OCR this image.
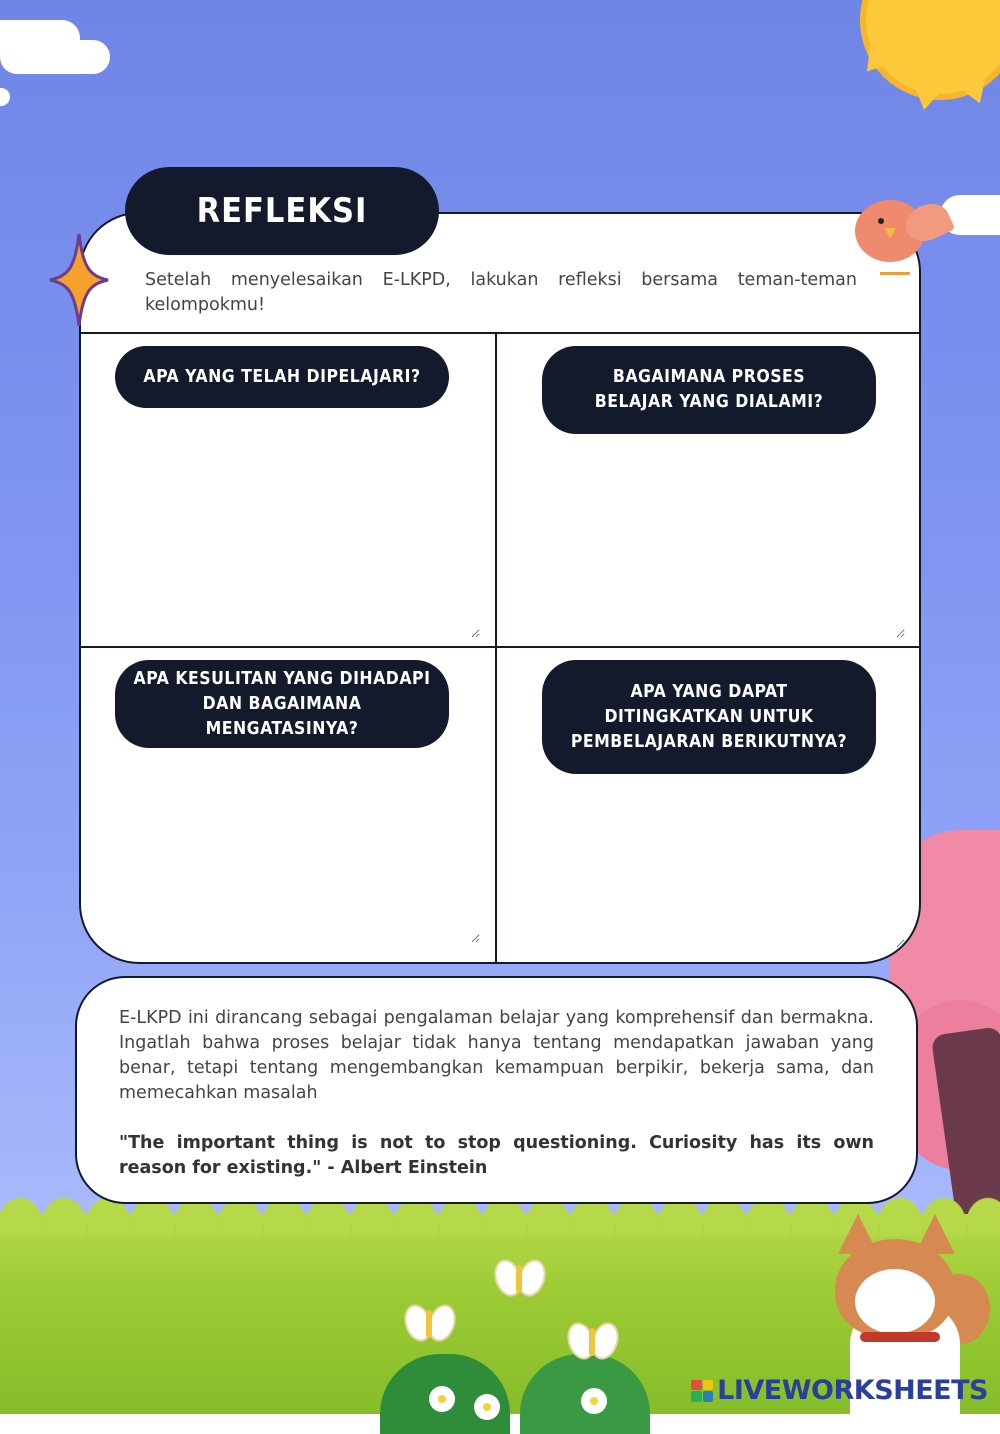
Setelah menyelesaikan E-LKPD, lakukan refleksi bersama teman-teman kelompokmu!

APA YANG TELAH DIPELAJARI?	BAGAIMANA PROSES BELAJAR YANG DIALAMI?
APA KESULITAN YANG DIHADAPI DAN BAGAIMANA MENGATASINYA?
APA YANG DAPAT DITINGKATKAN UNTUK PEMBELAJARAN BERIKUTNYA?
REFLEKSI

E-LKPD ini dirancang sebagai pengalaman belajar yang komprehensif dan bermakna. Ingatlah bahwa proses belajar tidak hanya tentang mendapatkan jawaban yang benar, tetapi tentang mengembangkan kemampuan berpikir, bekerja sama, dan memecahkan masalah

"The important thing is not to stop questioning. Curiosity has its own reason for existing." - Albert Einstein

LIVEWORKSHEETS
